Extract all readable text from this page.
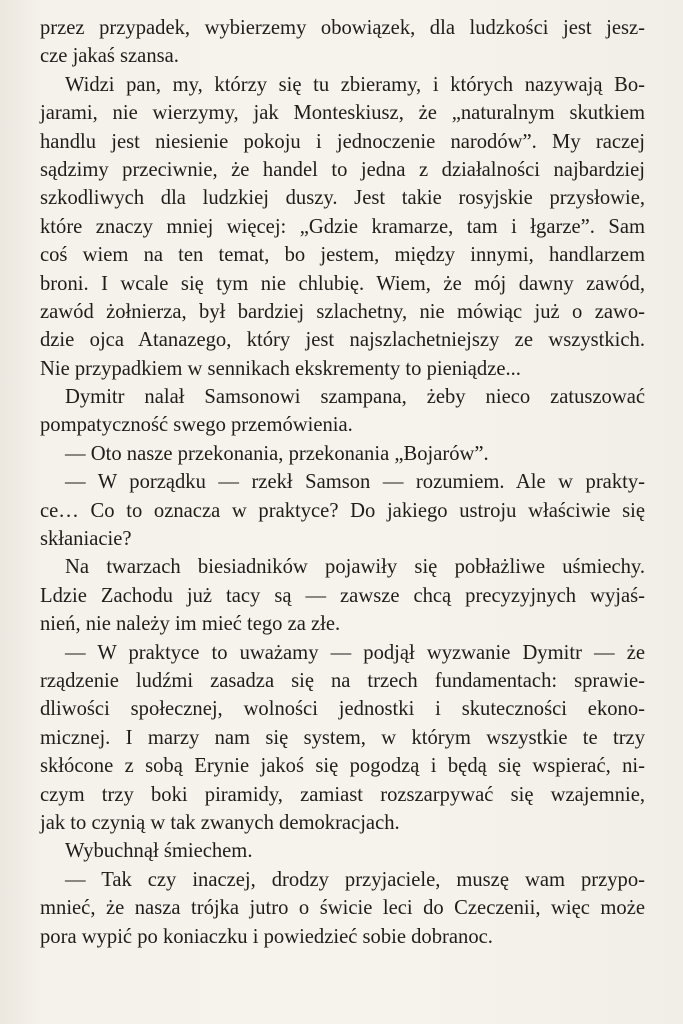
przez przypadek, wybierzemy obowiązek, dla ludzkości jest jesz-
cze jakaś szansa.
Widzi pan, my, którzy się tu zbieramy, i których nazywają Bo-
jarami, nie wierzymy, jak Monteskiusz, że „naturalnym skutkiem
handlu jest niesienie pokoju i jednoczenie narodów”. My raczej
sądzimy przeciwnie, że handel to jedna z działalności najbardziej
szkodliwych dla ludzkiej duszy. Jest takie rosyjskie przysłowie,
które znaczy mniej więcej: „Gdzie kramarze, tam i łgarze”. Sam
coś wiem na ten temat, bo jestem, między innymi, handlarzem
broni. I wcale się tym nie chlubię. Wiem, że mój dawny zawód,
zawód żołnierza, był bardziej szlachetny, nie mówiąc już o zawo-
dzie ojca Atanazego, który jest najszlachetniejszy ze wszystkich.
Nie przypadkiem w sennikach ekskrementy to pieniądze...
Dymitr nalał Samsonowi szampana, żeby nieco zatuszować
pompatyczność swego przemówienia.
— Oto nasze przekonania, przekonania „Bojarów”.
— W porządku — rzekł Samson — rozumiem. Ale w prakty-
ce… Co to oznacza w praktyce? Do jakiego ustroju właściwie się
skłaniacie?
Na twarzach biesiadników pojawiły się pobłażliwe uśmiechy.
Ldzie Zachodu już tacy są — zawsze chcą precyzyjnych wyjaś-
nień, nie należy im mieć tego za złe.
— W praktyce to uważamy — podjął wyzwanie Dymitr — że
rządzenie ludźmi zasadza się na trzech fundamentach: sprawie-
dliwości społecznej, wolności jednostki i skuteczności ekono-
micznej. I marzy nam się system, w którym wszystkie te trzy
skłócone z sobą Erynie jakoś się pogodzą i będą się wspierać, ni-
czym trzy boki piramidy, zamiast rozszarpywać się wzajemnie,
jak to czynią w tak zwanych demokracjach.
Wybuchnął śmiechem.
— Tak czy inaczej, drodzy przyjaciele, muszę wam przypo-
mnieć, że nasza trójka jutro o świcie leci do Czeczenii, więc może
pora wypić po koniaczku i powiedzieć sobie dobranoc.
